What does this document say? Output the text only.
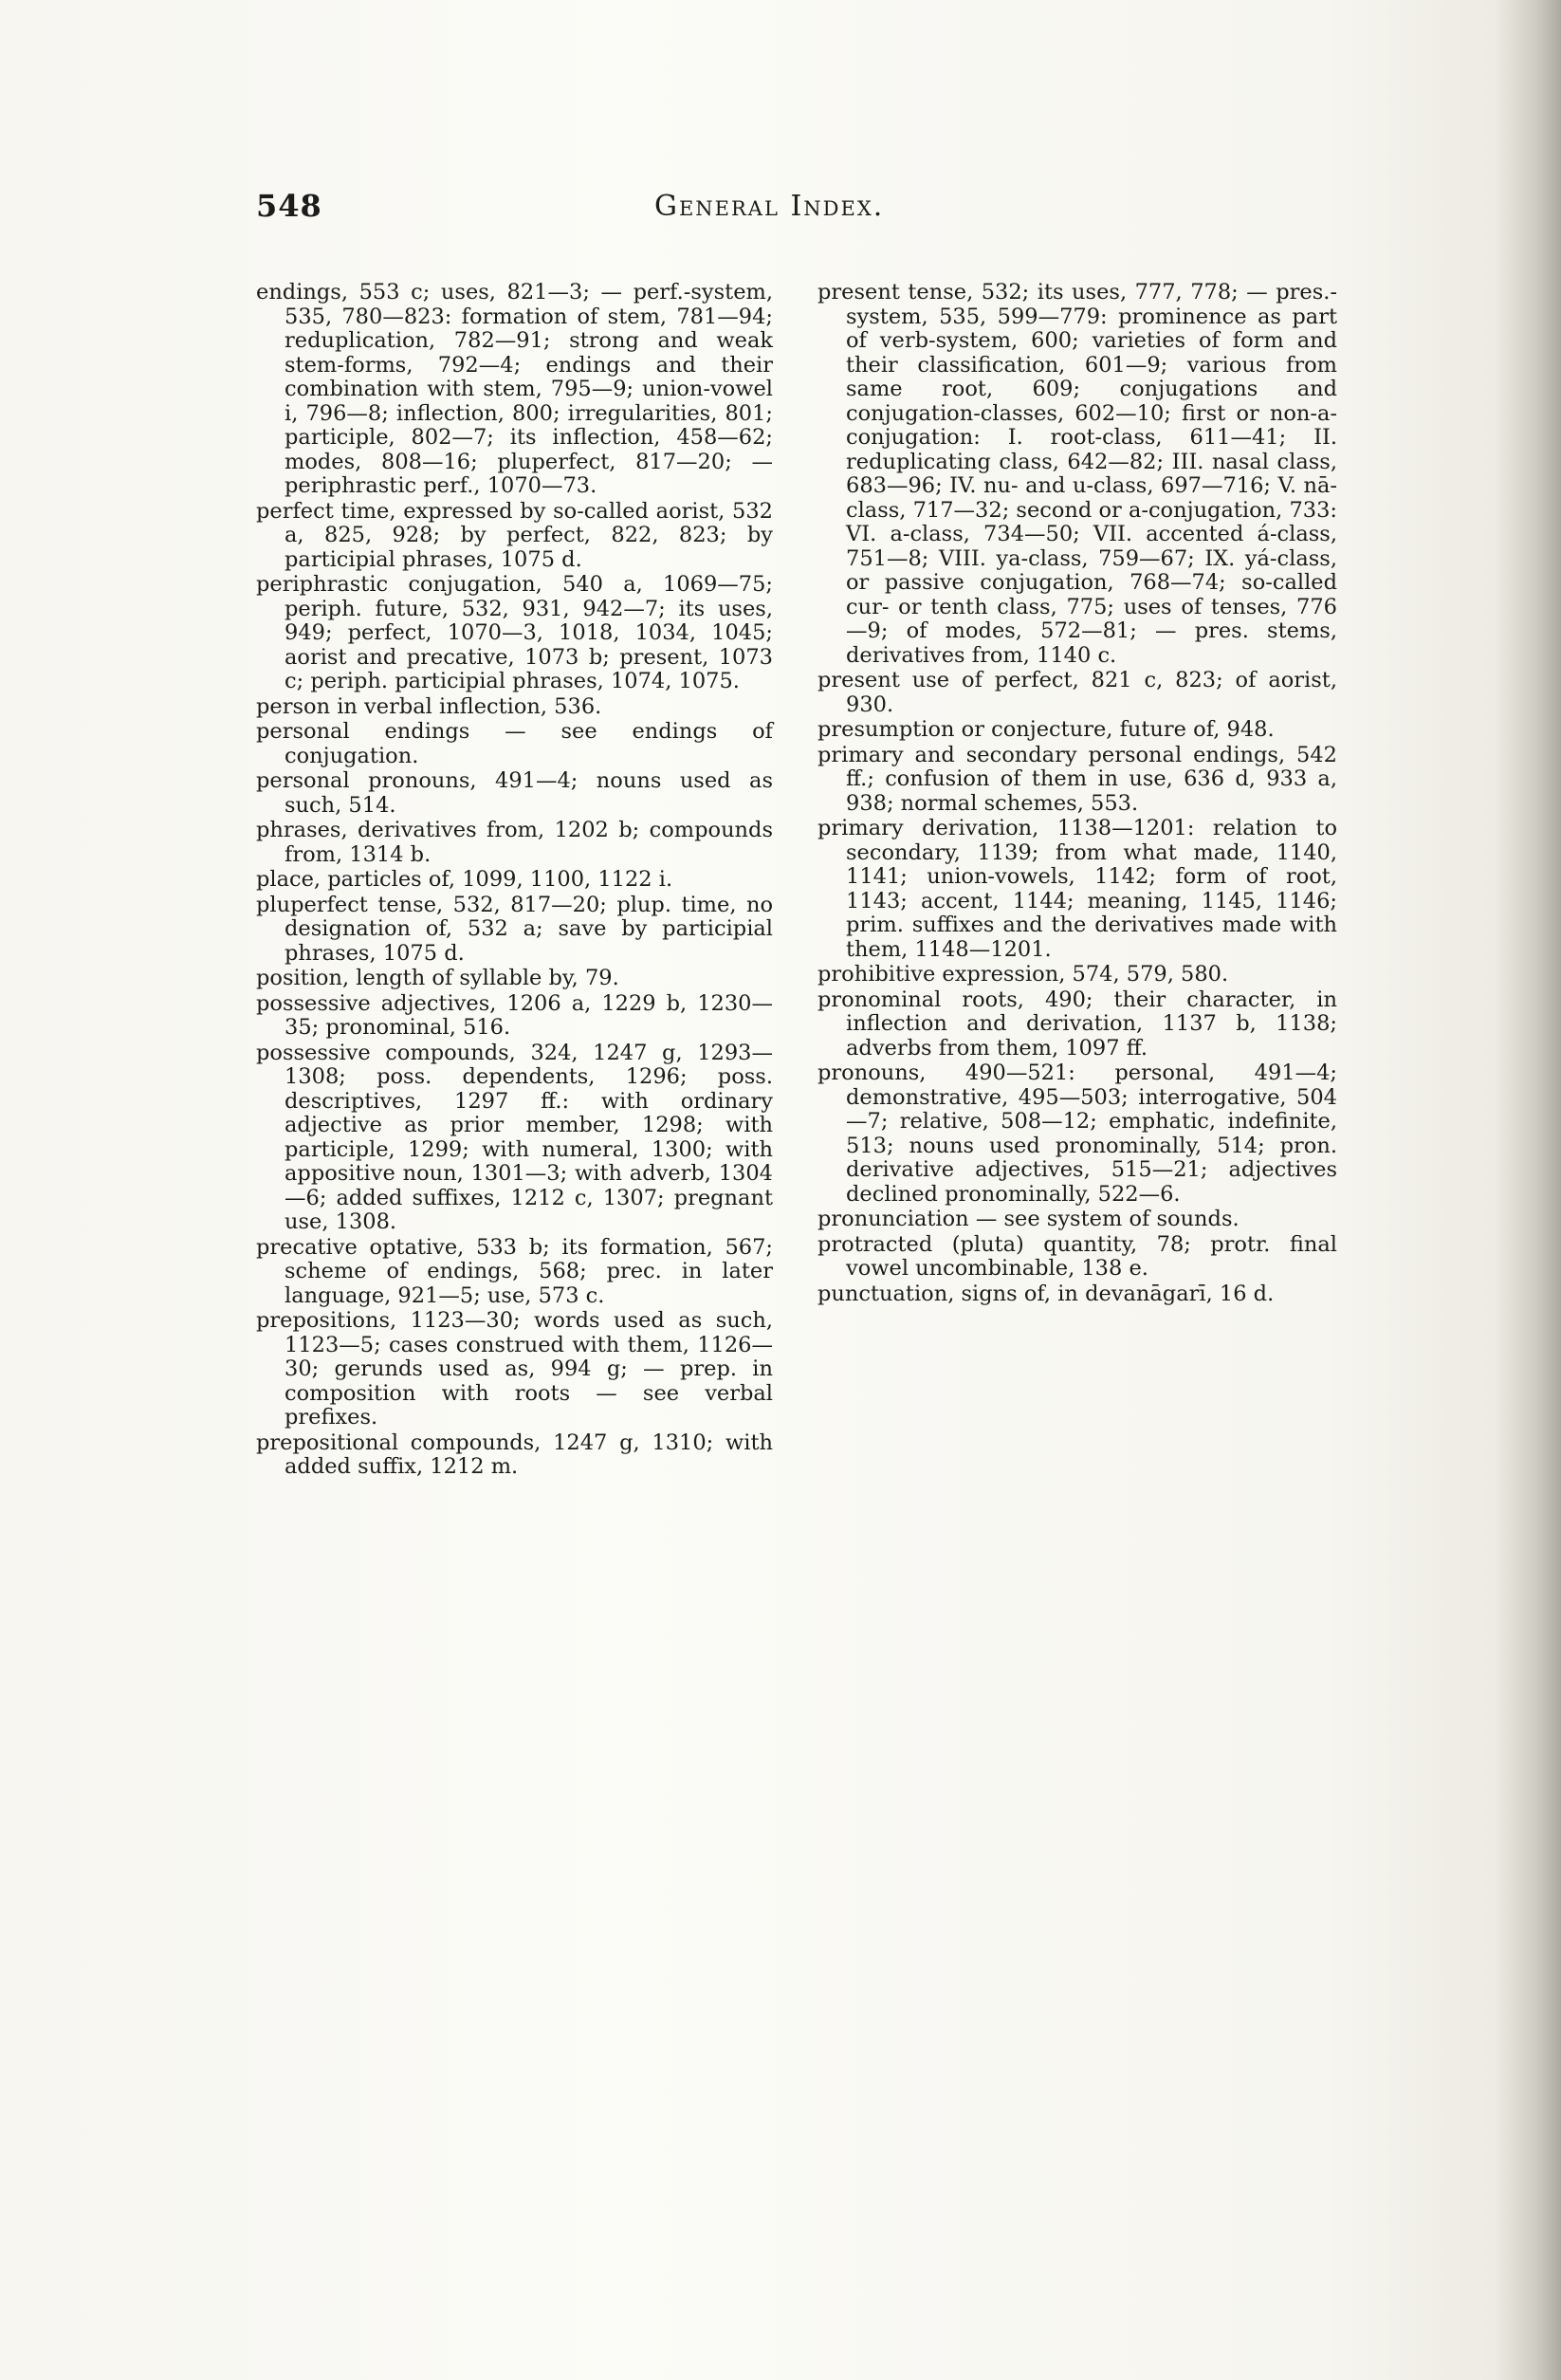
548	General Index.

endings, 553 c; uses, 821—3; — perf.-system, 535, 780—823: formation of stem, 781—94; reduplication, 782—91; strong and weak stem-forms, 792—4; endings and their combination with stem, 795—9; union-vowel i, 796—8; inflection, 800; irregularities, 801; participle, 802—7; its inflection, 458—62; modes, 808—16; pluperfect, 817—20; — periphrastic perf., 1070—73.

perfect time, expressed by so-called aorist, 532 a, 825, 928; by perfect, 822, 823; by participial phrases, 1075 d.

periphrastic conjugation, 540 a, 1069—75; periph. future, 532, 931, 942—7; its uses, 949; perfect, 1070—3, 1018, 1034, 1045; aorist and precative, 1073 b; present, 1073 c; periph. participial phrases, 1074, 1075.

person in verbal inflection, 536.

personal endings — see endings of conjugation.

personal pronouns, 491—4; nouns used as such, 514.

phrases, derivatives from, 1202 b; compounds from, 1314 b.

place, particles of, 1099, 1100, 1122 i.

pluperfect tense, 532, 817—20; plup. time, no designation of, 532 a; save by participial phrases, 1075 d.

position, length of syllable by, 79.

possessive adjectives, 1206 a, 1229 b, 1230—35; pronominal, 516.

possessive compounds, 324, 1247 g, 1293—1308; poss. dependents, 1296; poss. descriptives, 1297 ff.: with ordinary adjective as prior member, 1298; with participle, 1299; with numeral, 1300; with appositive noun, 1301—3; with adverb, 1304—6; added suffixes, 1212 c, 1307; pregnant use, 1308.

precative optative, 533 b; its formation, 567; scheme of endings, 568; prec. in later language, 921—5; use, 573 c.

prepositions, 1123—30; words used as such, 1123—5; cases construed with them, 1126—30; gerunds used as, 994 g; — prep. in composition with roots — see verbal prefixes.

prepositional compounds, 1247 g, 1310; with added suffix, 1212 m.

present tense, 532; its uses, 777, 778; — pres.-system, 535, 599—779: prominence as part of verb-system, 600; varieties of form and their classification, 601—9; various from same root, 609; conjugations and conjugation-classes, 602—10; first or non-a-conjugation: I. root-class, 611—41; II. reduplicating class, 642—82; III. nasal class, 683—96; IV. nu- and u-class, 697—716; V. nā-class, 717—32; second or a-conjugation, 733: VI. a-class, 734—50; VII. accented á-class, 751—8; VIII. ya-class, 759—67; IX. yá-class, or passive conjugation, 768—74; so-called cur- or tenth class, 775; uses of tenses, 776—9; of modes, 572—81; — pres. stems, derivatives from, 1140 c.

present use of perfect, 821 c, 823; of aorist, 930.

presumption or conjecture, future of, 948.

primary and secondary personal endings, 542 ff.; confusion of them in use, 636 d, 933 a, 938; normal schemes, 553.

primary derivation, 1138—1201: relation to secondary, 1139; from what made, 1140, 1141; union-vowels, 1142; form of root, 1143; accent, 1144; meaning, 1145, 1146; prim. suffixes and the derivatives made with them, 1148—1201.

prohibitive expression, 574, 579, 580.

pronominal roots, 490; their character, in inflection and derivation, 1137 b, 1138; adverbs from them, 1097 ff.

pronouns, 490—521: personal, 491—4; demonstrative, 495—503; interrogative, 504—7; relative, 508—12; emphatic, indefinite, 513; nouns used pronominally, 514; pron. derivative adjectives, 515—21; adjectives declined pronominally, 522—6.

pronunciation — see system of sounds.

protracted (pluta) quantity, 78; protr. final vowel uncombinable, 138 e.

punctuation, signs of, in devanāgarī, 16 d.
